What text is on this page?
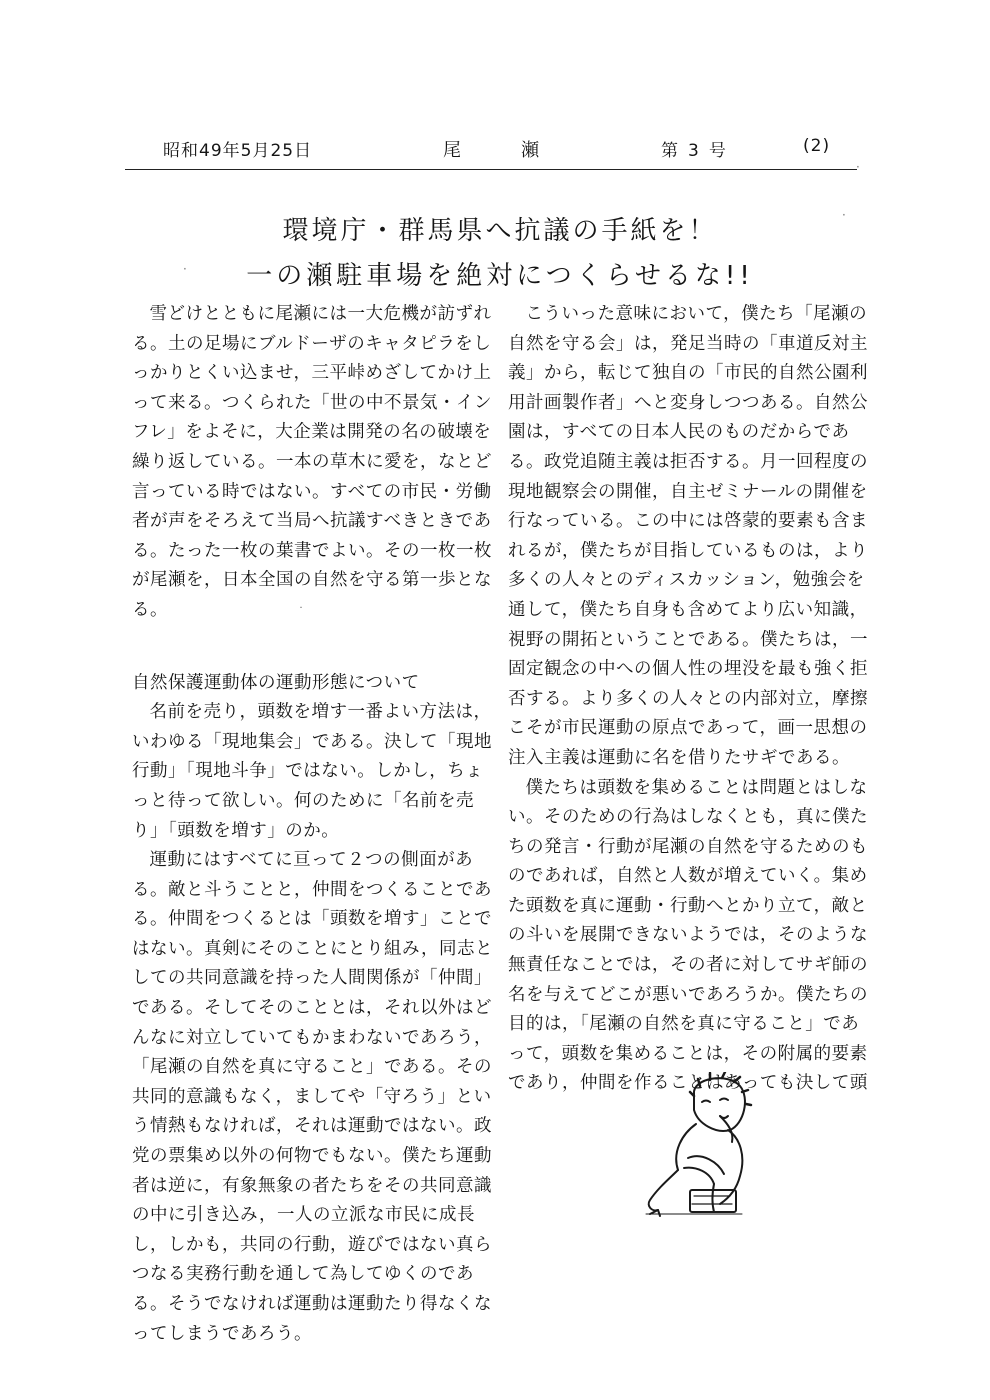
昭和49年5月25日	尾瀬	第3号	(2)
環境庁・群馬県へ抗議の手紙を！
一の瀬駐車場を絶対につくらせるな!!

雪どけとともに尾瀬には一大危機が訪ずれる。土の足場にブルドーザのキャタピラをしっかりとくい込ませ，三平峠めざしてかけ上って来る。つくられた「世の中不景気・インフレ」をよそに，大企業は開発の名の破壊を繰り返している。一本の草木に愛を，なとど言っている時ではない。すべての市民・労働者が声をそろえて当局へ抗議すべきときである。たった一枚の葉書でよい。その一枚一枚が尾瀬を，日本全国の自然を守る第一歩となる。

自然保護運動体の運動形態について

名前を売り，頭数を増す一番よい方法は，いわゆる「現地集会」である。決して「現地行動」「現地斗争」ではない。しかし，ちょっと待って欲しい。何のために「名前を売り」「頭数を増す」のか。

運動にはすべてに亘って２つの側面がある。敵と斗うことと，仲間をつくることである。仲間をつくるとは「頭数を増す」ことではない。真剣にそのことにとり組み，同志としての共同意識を持った人間関係が「仲間」である。そしてそのこととは，それ以外はどんなに対立していてもかまわないであろう，「尾瀬の自然を真に守ること」である。その共同的意識もなく，ましてや「守ろう」という情熱もなければ，それは運動ではない。政党の票集め以外の何物でもない。僕たち運動者は逆に，有象無象の者たちをその共同意識の中に引き込み，一人の立派な市民に成長し，しかも，共同の行動，遊びではない真らつなる実務行動を通して為してゆくのである。そうでなければ運動は運動たり得なくなってしまうであろう。

こういった意味において，僕たち「尾瀬の自然を守る会」は，発足当時の「車道反対主義」から，転じて独自の「市民的自然公園利用計画製作者」へと変身しつつある。自然公園は，すべての日本人民のものだからである。政党追随主義は拒否する。月一回程度の現地観察会の開催，自主ゼミナールの開催を行なっている。この中には啓蒙的要素も含まれるが，僕たちが目指しているものは，より多くの人々とのディスカッション，勉強会を通して，僕たち自身も含めてより広い知識，視野の開拓ということである。僕たちは，一固定観念の中への個人性の埋没を最も強く拒否する。より多くの人々との内部対立，摩擦こそが市民運動の原点であって，画一思想の注入主義は運動に名を借りたサギである。

僕たちは頭数を集めることは問題とはしない。そのための行為はしなくとも，真に僕たちの発言・行動が尾瀬の自然を守るためのものであれば，自然と人数が増えていく。集めた頭数を真に運動・行動へとかり立て，敵との斗いを展開できないようでは，そのような無責任なことでは，その者に対してサギ師の名を与えてどこが悪いであろうか。僕たちの目的は，「尾瀬の自然を真に守ること」であって，頭数を集めることは，その附属的要素であり，仲間を作ることはあっても決して頭

·
·
˙
·
